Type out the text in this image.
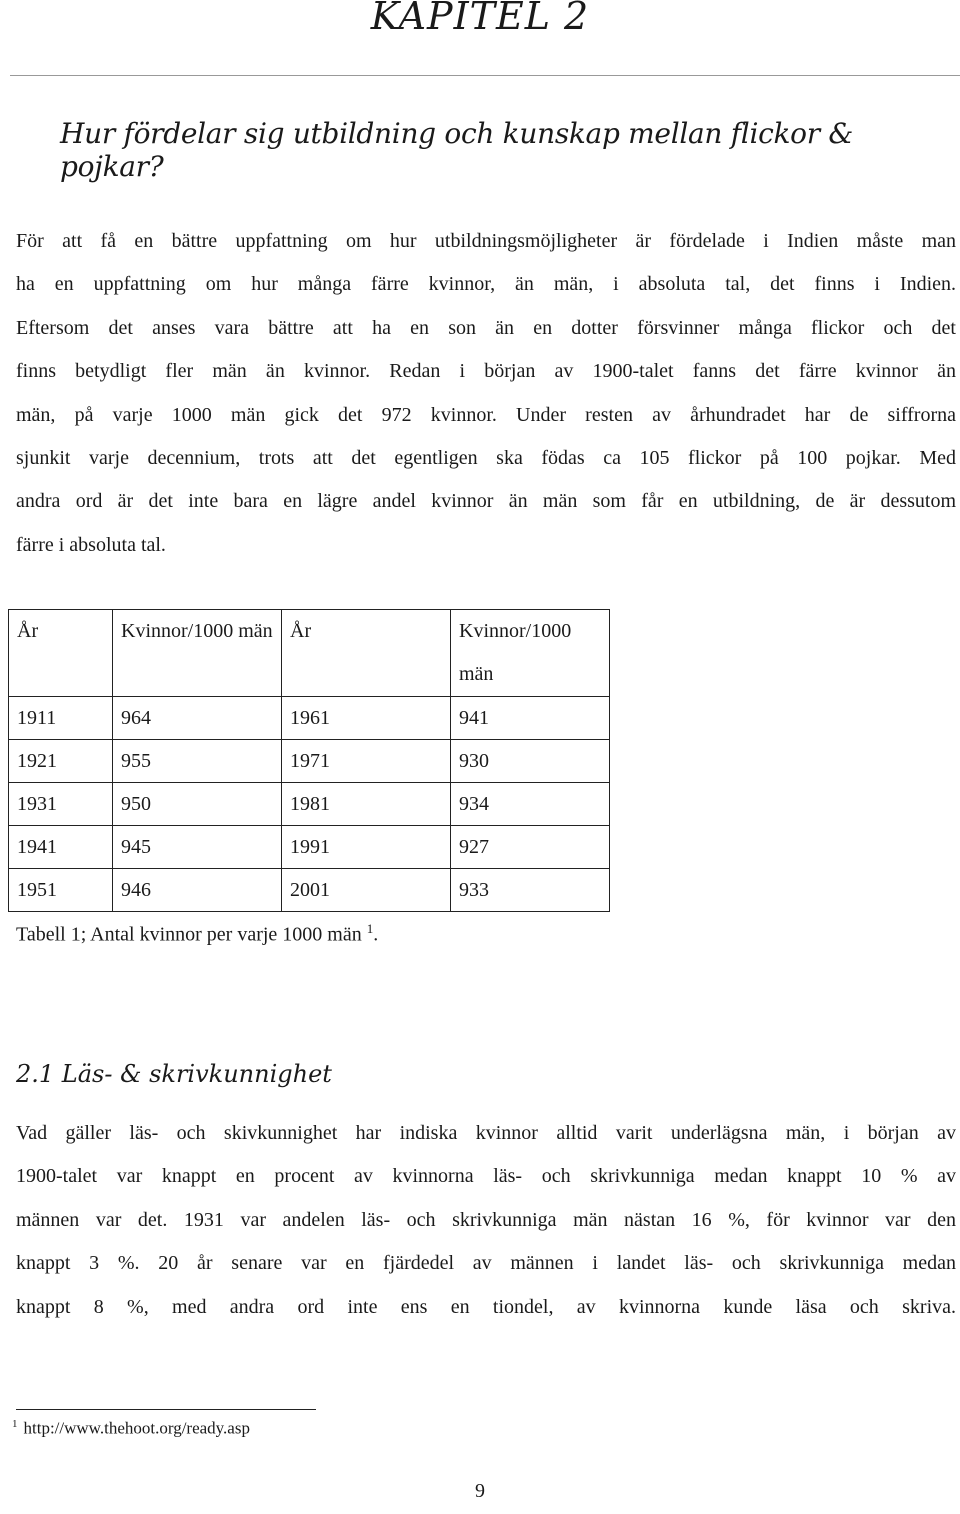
KAPITEL 2
Hur fördelar sig utbildning och kunskap mellan flickor & pojkar?
För att få en bättre uppfattning om hur utbildningsmöjligheter är fördelade i Indien måste man
ha en uppfattning om hur många färre kvinnor, än män, i absoluta tal, det finns i Indien.
Eftersom det anses vara bättre att ha en son än en dotter försvinner många flickor och det
finns betydligt fler män än kvinnor. Redan i början av 1900-talet fanns det färre kvinnor än
män, på varje 1000 män gick det 972 kvinnor. Under resten av århundradet har de siffrorna
sjunkit varje decennium, trots att det egentligen ska födas ca 105 flickor på 100 pojkar. Med
andra ord är det inte bara en lägre andel kvinnor än män som får en utbildning, de är dessutom
färre i absoluta tal.
År	Kvinnor/1000 män	År	Kvinnor/1000 män
1911	964	1961	941
1921	955	1971	930
1931	950	1981	934
1941	945	1991	927
1951	946	2001	933

Tabell 1; Antal kvinnor per varje 1000 män $^1$.

2.1 Läs- & skrivkunnighet
Vad gäller läs- och skivkunnighet har indiska kvinnor alltid varit underlägsna män, i början av
1900-talet var knappt en procent av kvinnorna läs- och skrivkunniga medan knappt 10 % av
männen var det. 1931 var andelen läs- och skrivkunniga män nästan 16 %, för kvinnor var den
knappt 3 %. 20 år senare var en fjärdedel av männen i landet läs- och skrivkunniga medan
knappt 8 %, med andra ord inte ens en tiondel, av kvinnorna kunde läsa och skriva.

$^1$ http://www.thehoot.org/ready.asp

9
